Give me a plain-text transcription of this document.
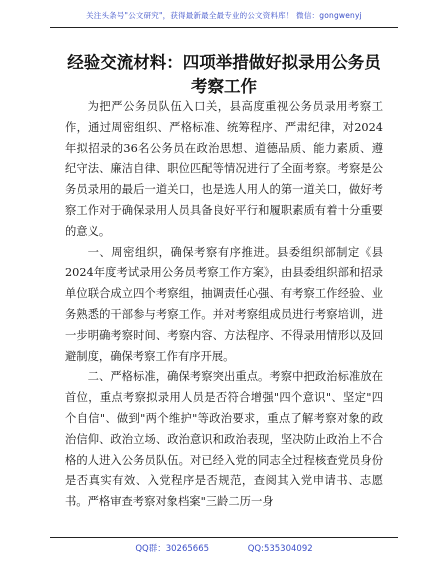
关注头条号"公文研究"，获得最新最全最专业的公文资料库！ 微信：gongwenyj
经验交流材料：四项举措做好拟录用公务员考察工作

为把严公务员队伍入口关，县高度重视公务员录用考察工作，通过周密组织、严格标准、统筹程序、严肃纪律，对2024年拟招录的36名公务员在政治思想、道德品质、能力素质、遵纪守法、廉洁自律、职位匹配等情况进行了全面考察。考察是公务员录用的最后一道关口，也是选人用人的第一道关口，做好考察工作对于确保录用人员具备良好平行和履职素质有着十分重要的意义。

一、周密组织，确保考察有序推进。县委组织部制定《县2024年度考试录用公务员考察工作方案》，由县委组织部和招录单位联合成立四个考察组，抽调责任心强、有考察工作经验、业务熟悉的干部参与考察工作。并对考察组成员进行考察培训，进一步明确考察时间、考察内容、方法程序、不得录用情形以及回避制度，确保考察工作有序开展。

二、严格标准，确保考察突出重点。考察中把政治标准放在首位，重点考察拟录用人员是否符合增强"四个意识"、坚定"四个自信"、做到"两个维护"等政治要求，重点了解考察对象的政治信仰、政治立场、政治意识和政治表现，坚决防止政治上不合格的人进入公务员队伍。对已经入党的同志全过程核查党员身份是否真实有效、入党程序是否规范，查阅其入党申请书、志愿书。严格审查考察对象档案"三龄二历一身

QQ群：30265665	QQ:535304092
